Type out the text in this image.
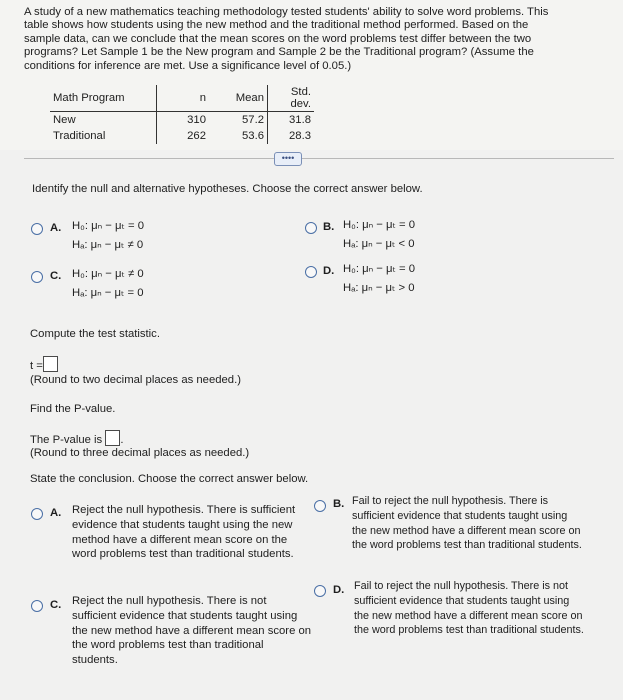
A study of a new mathematics teaching methodology tested students' ability to solve word problems. This table shows how students using the new method and the traditional method performed. Based on the sample data, can we conclude that the mean scores on the word problems test differ between the two programs? Let Sample 1 be the New program and Sample 2 be the Traditional program? (Assume the conditions for inference are met. Use a significance level of 0.05.)
Math Program	n	Mean	Std. dev.
New	310	57.2	31.8
Traditional	262	53.6	28.3
••••
Identify the null and alternative hypotheses. Choose the correct answer below.
A. H₀: μₙ − μₜ = 0
Hₐ: μₙ − μₜ ≠ 0
B. H₀: μₙ − μₜ = 0
Hₐ: μₙ − μₜ < 0
C. H₀: μₙ − μₜ ≠ 0
Hₐ: μₙ − μₜ = 0
D. H₀: μₙ − μₜ = 0
Hₐ: μₙ − μₜ > 0
Compute the test statistic.
t =
(Round to two decimal places as needed.)
Find the P-value.
The P-value is .
(Round to three decimal places as needed.)
State the conclusion. Choose the correct answer below.
A. Reject the null hypothesis. There is sufficient evidence that students taught using the new method have a different mean score on the word problems test than traditional students.
B. Fail to reject the null hypothesis. There is sufficient evidence that students taught using the new method have a different mean score on the word problems test than traditional students.
C. Reject the null hypothesis. There is not sufficient evidence that students taught using the new method have a different mean score on the word problems test than traditional students.
D. Fail to reject the null hypothesis. There is not sufficient evidence that students taught using the new method have a different mean score on the word problems test than traditional students.
